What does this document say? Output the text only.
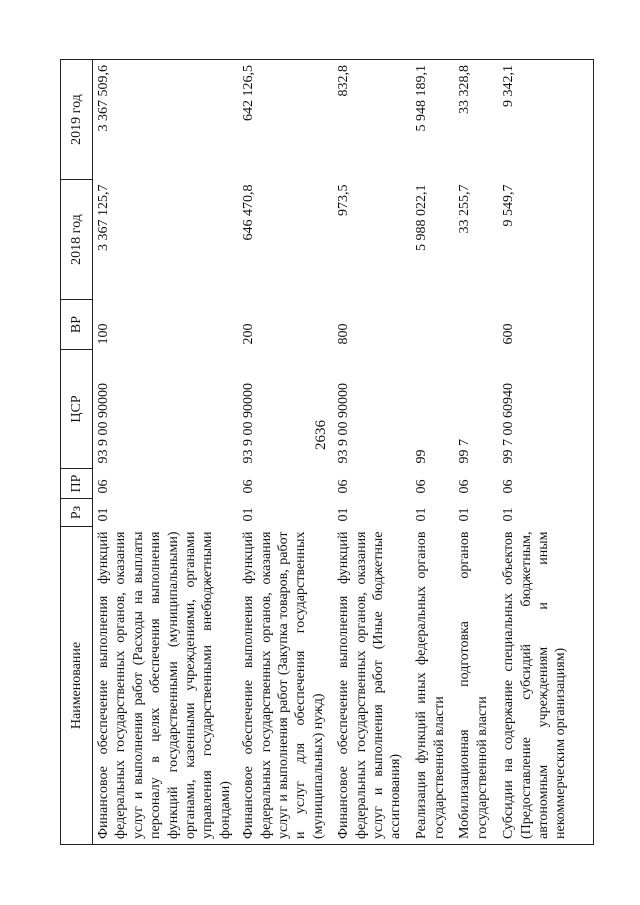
2636
Наименование	Рз	ПР	ЦСР	ВР	2018 год	2019 год
Финансовое обеспечение выполнения функций федеральных государственных органов, оказания услуг и выполнения работ (Расходы на выплаты персоналу в целях обеспечения выполнения функций государственными (муниципальными) органами, казенными учреждениями, органами управления государственными внебюджетными фондами)	01	06	93 9 00 90000	100	3 367 125,7	3 367 509,6
Финансовое обеспечение выполнения функций федеральных государственных органов, оказания услуг и выполнения работ (Закупка товаров, работ и услуг для обеспечения государственных (муниципальных) нужд)	01	06	93 9 00 90000	200	646 470,8	642 126,5
Финансовое обеспечение выполнения функций федеральных государственных органов, оказания услуг и выполнения работ (Иные бюджетные ассигнования)	01	06	93 9 00 90000	800	973,5	832,8
Реализация функций иных федеральных органов государственной власти	01	06	99		5 988 022,1	5 948 189,1
Мобилизационная подготовка органов государственной власти	01	06	99 7		33 255,7	33 328,8
Субсидии на содержание специальных объектов (Предоставление субсидий бюджетным, автономным учреждениям и иным некоммерческим организациям)	01	06	99 7 00 60940	600	9 549,7	9 342,1
